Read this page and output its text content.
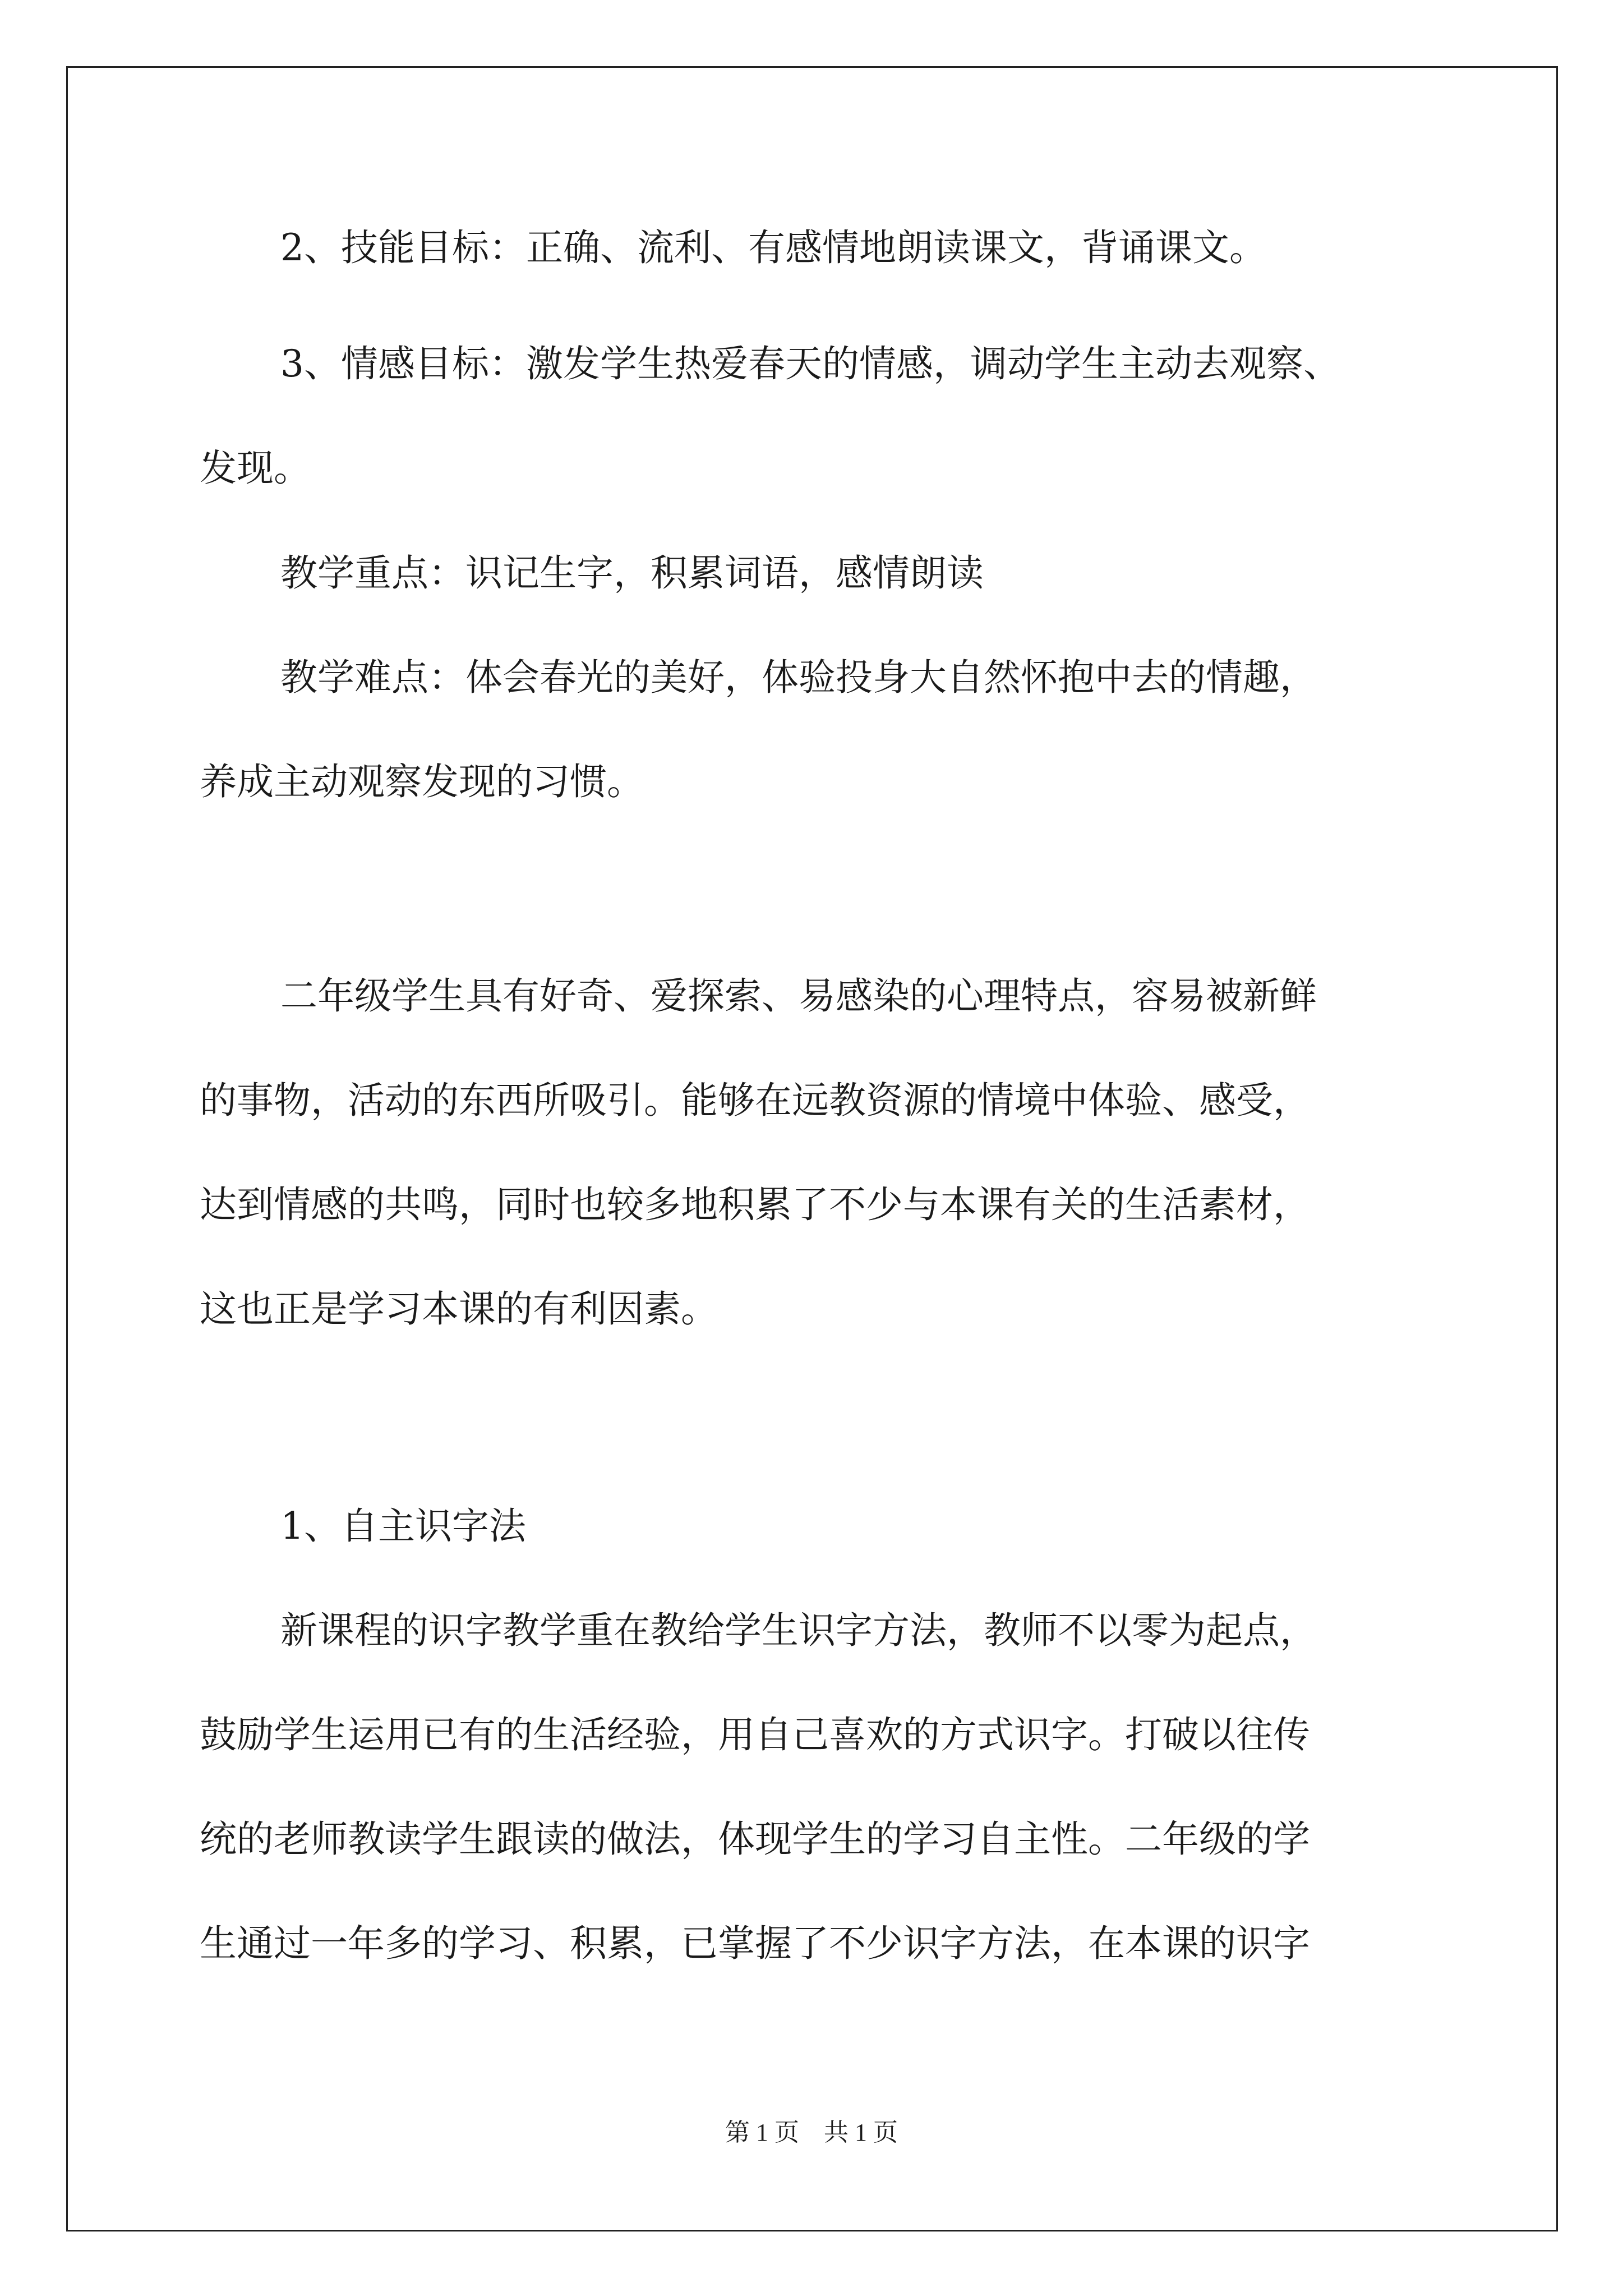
2、技能目标：正确、流利、有感情地朗读课文，背诵课文。
3、情感目标：激发学生热爱春天的情感，调动学生主动去观察、
发现。
教学重点：识记生字，积累词语，感情朗读
教学难点：体会春光的美好，体验投身大自然怀抱中去的情趣，
养成主动观察发现的习惯。
二年级学生具有好奇、爱探索、易感染的心理特点，容易被新鲜
的事物，活动的东西所吸引。能够在远教资源的情境中体验、感受，
达到情感的共鸣，同时也较多地积累了不少与本课有关的生活素材，
这也正是学习本课的有利因素。
1、自主识字法
新课程的识字教学重在教给学生识字方法，教师不以零为起点，
鼓励学生运用已有的生活经验，用自己喜欢的方式识字。打破以往传
统的老师教读学生跟读的做法，体现学生的学习自主性。二年级的学
生通过一年多的学习、积累，已掌握了不少识字方法，在本课的识字
第 1 页    共 1 页
